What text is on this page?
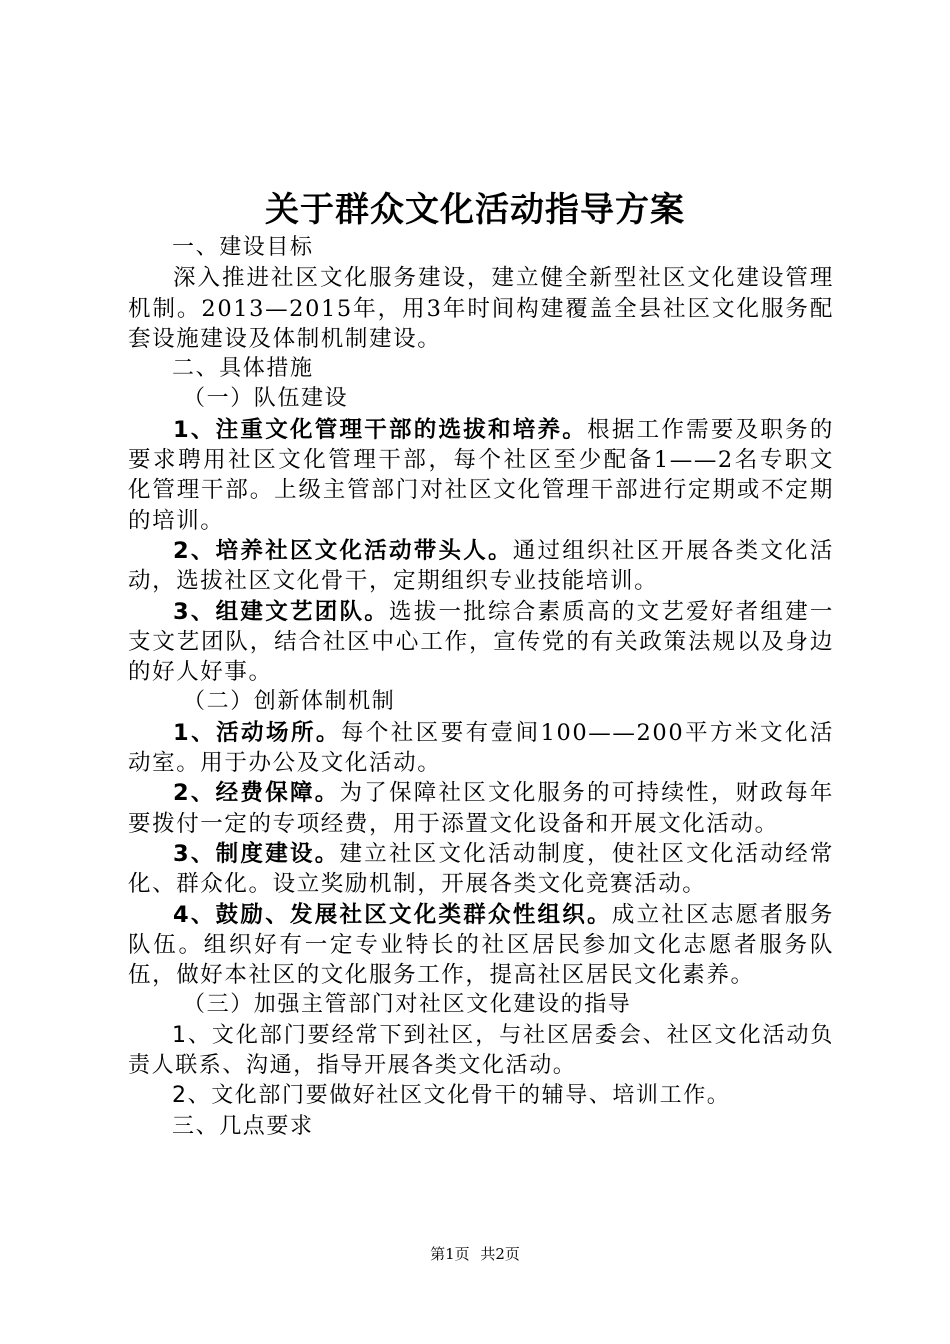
关于群众文化活动指导方案

一、建设目标

深入推进社区文化服务建设，建立健全新型社区文化建设管理机制。2013—2015年，用3年时间构建覆盖全县社区文化服务配套设施建设及体制机制建设。

二、具体措施

（一）队伍建设

1、注重文化管理干部的选拔和培养。根据工作需要及职务的要求聘用社区文化管理干部，每个社区至少配备1——2名专职文化管理干部。上级主管部门对社区文化管理干部进行定期或不定期的培训。

2、培养社区文化活动带头人。通过组织社区开展各类文化活动，选拔社区文化骨干，定期组织专业技能培训。

3、组建文艺团队。选拔一批综合素质高的文艺爱好者组建一支文艺团队，结合社区中心工作，宣传党的有关政策法规以及身边的好人好事。

（二）创新体制机制

1、活动场所。每个社区要有壹间100——200平方米文化活动室。用于办公及文化活动。

2、经费保障。为了保障社区文化服务的可持续性，财政每年要拨付一定的专项经费，用于添置文化设备和开展文化活动。

3、制度建设。建立社区文化活动制度，使社区文化活动经常化、群众化。设立奖励机制，开展各类文化竞赛活动。

4、鼓励、发展社区文化类群众性组织。成立社区志愿者服务队伍。组织好有一定专业特长的社区居民参加文化志愿者服务队伍，做好本社区的文化服务工作，提高社区居民文化素养。

（三）加强主管部门对社区文化建设的指导

1、文化部门要经常下到社区，与社区居委会、社区文化活动负责人联系、沟通，指导开展各类文化活动。

2、文化部门要做好社区文化骨干的辅导、培训工作。

三、几点要求

第1页 共2页
